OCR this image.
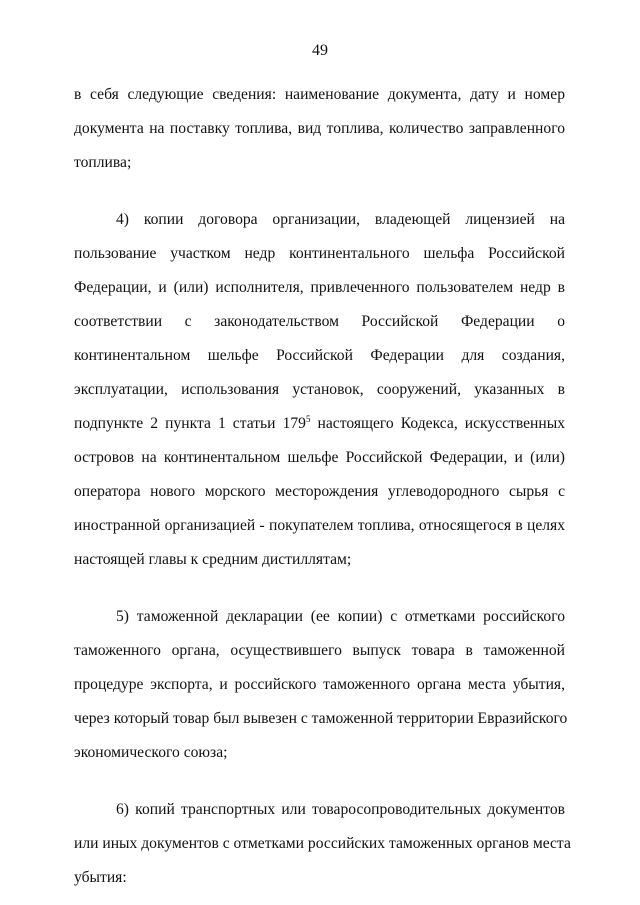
49
в себя следующие сведения: наименование документа, дату и номер
документа на поставку топлива, вид топлива, количество заправленного
топлива;
4) копии договора организации, владеющей лицензией на
пользование участком недр континентального шельфа Российской
Федерации, и (или) исполнителя, привлеченного пользователем недр в
соответствии с законодательством Российской Федерации о
континентальном шельфе Российской Федерации для создания,
эксплуатации, использования установок, сооружений, указанных в
подпункте 2 пункта 1 статьи $179^5$ настоящего Кодекса, искусственных
островов на континентальном шельфе Российской Федерации, и (или)
оператора нового морского месторождения углеводородного сырья с
иностранной организацией - покупателем топлива, относящегося в целях
настоящей главы к средним дистиллятам;
5) таможенной декларации (ее копии) с отметками российского
таможенного органа, осуществившего выпуск товара в таможенной
процедуре экспорта, и российского таможенного органа места убытия,
через который товар был вывезен с таможенной территории Евразийского
экономического союза;
6) копий транспортных или товаросопроводительных документов
или иных документов с отметками российских таможенных органов места
убытия:
